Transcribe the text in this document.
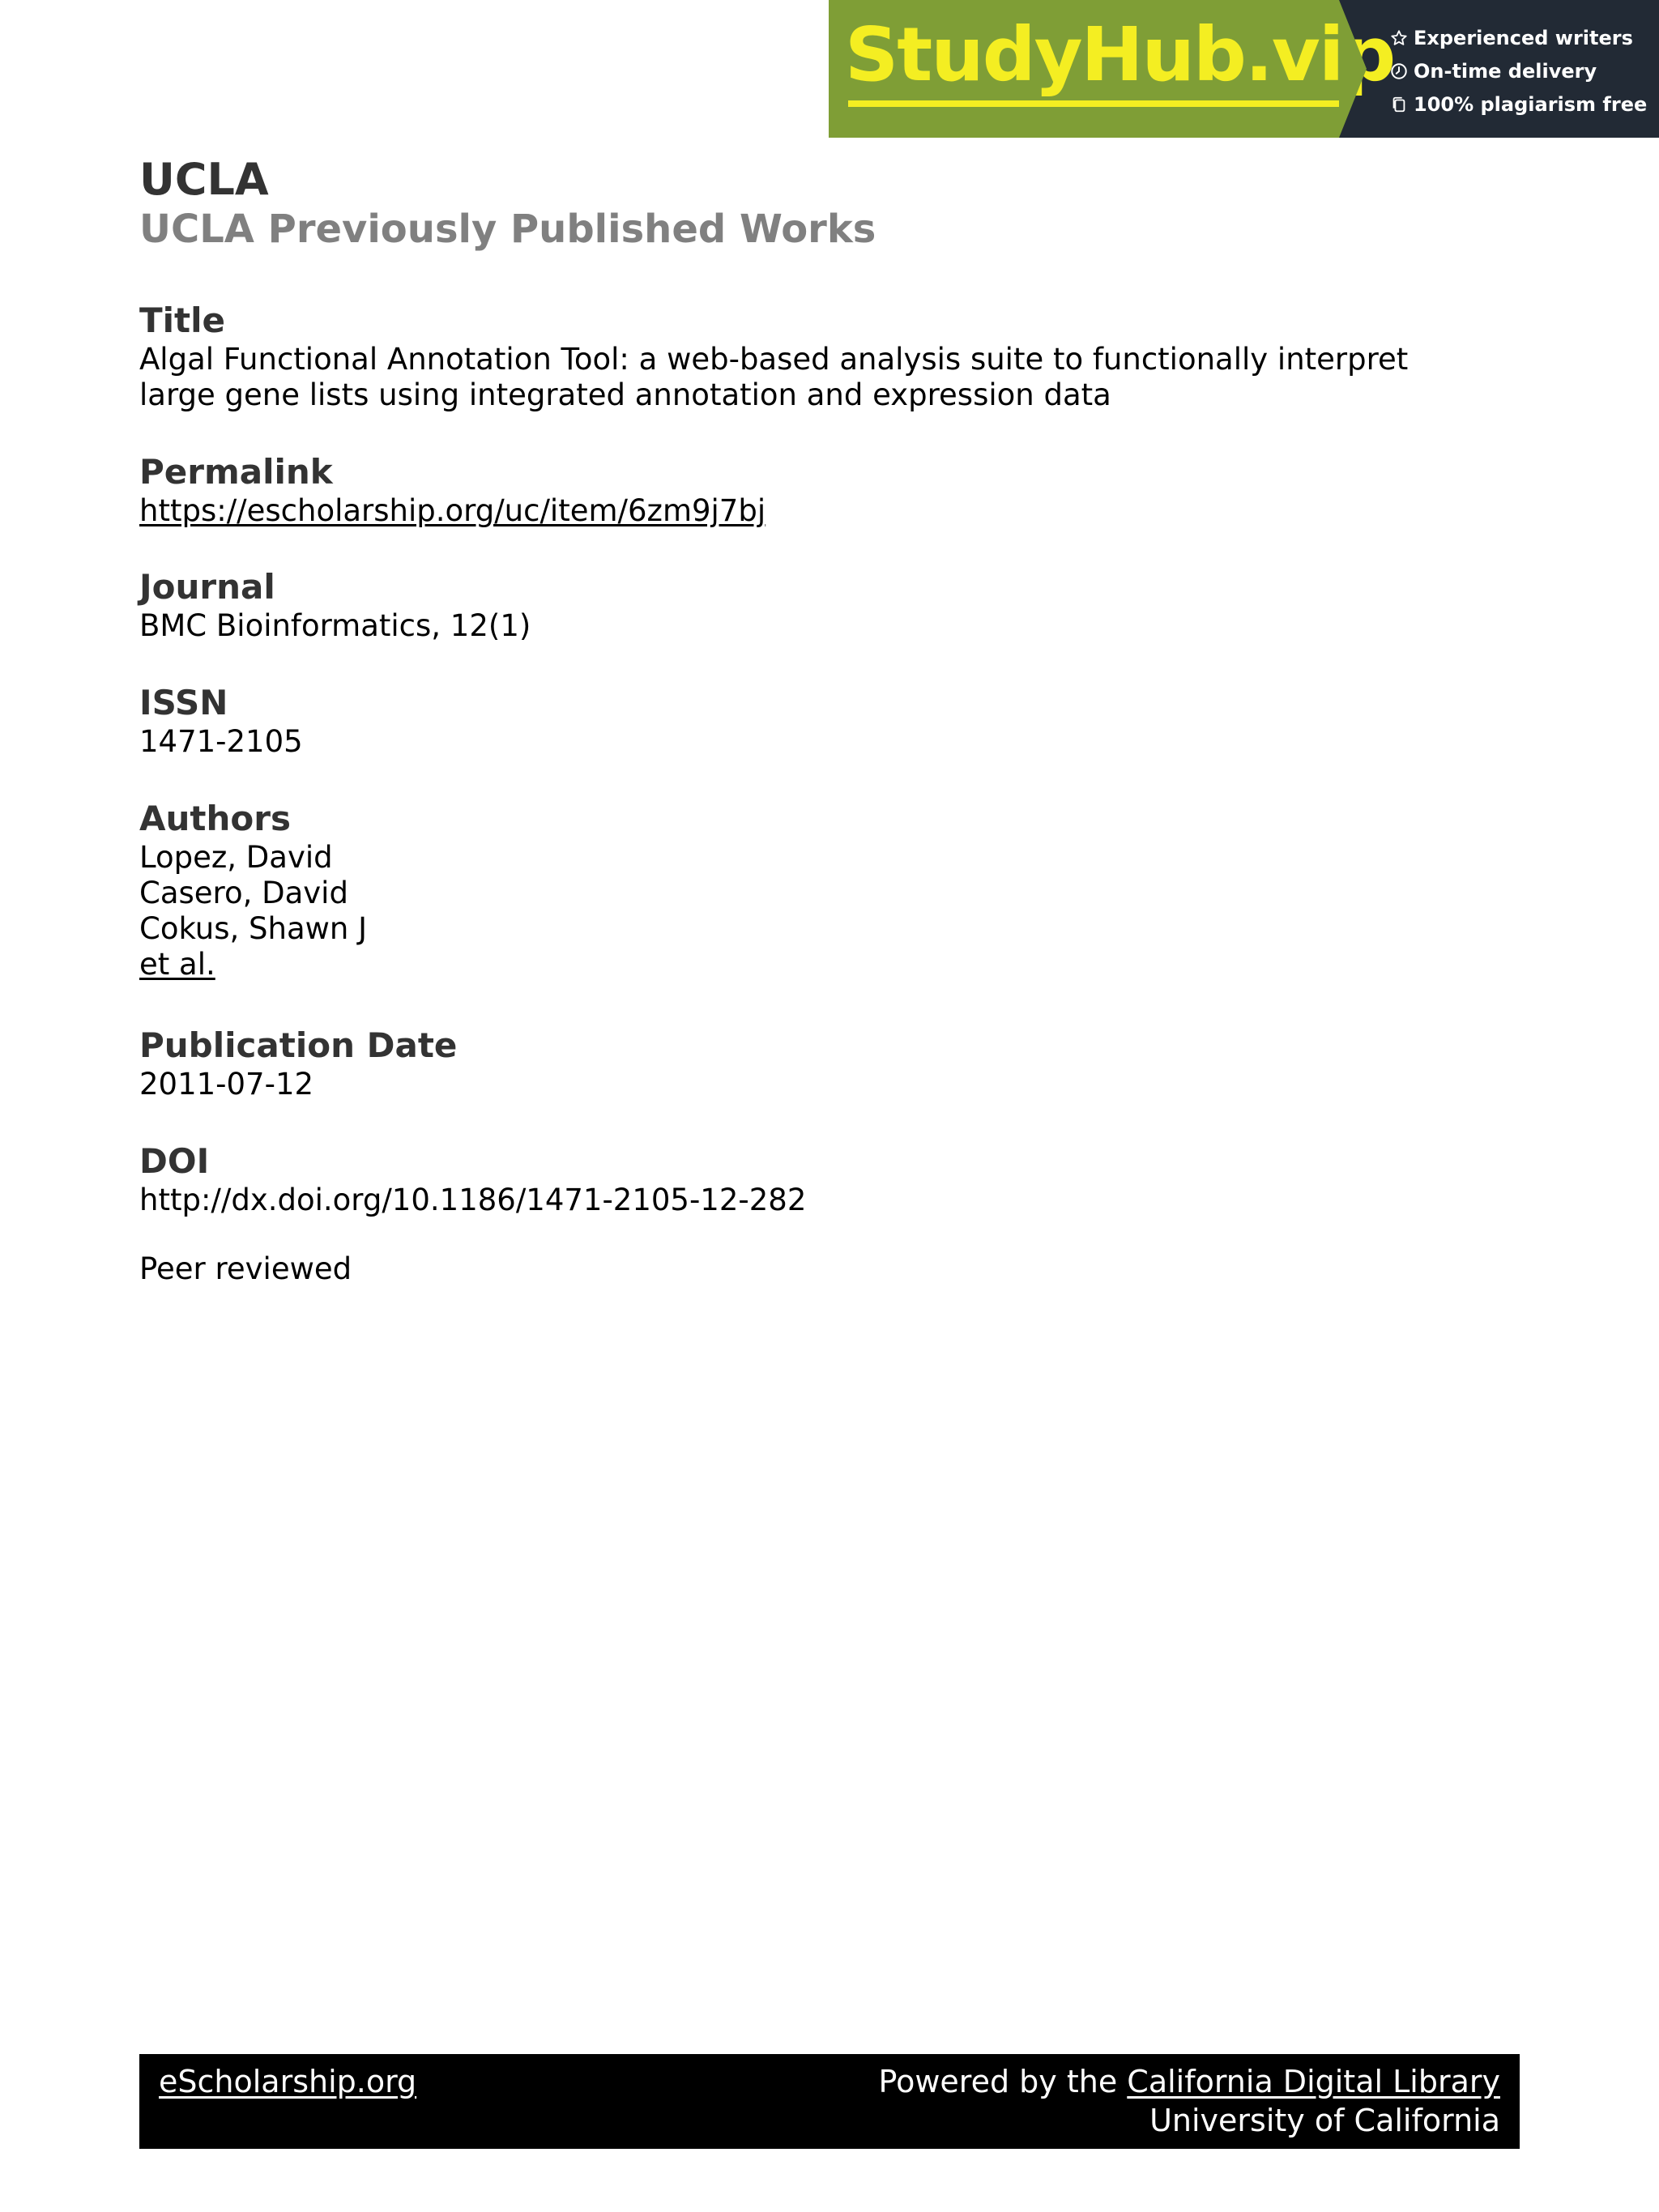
StudyHub.vip Experienced writers
On-time delivery
100% plagiarism free

UCLA

UCLA Previously Published Works

Title

Algal Functional Annotation Tool: a web-based analysis suite to functionally interpret

large gene lists using integrated annotation and expression data

Permalink

https://escholarship.org/uc/item/6zm9j7bj

Journal

BMC Bioinformatics, 12(1)

ISSN

1471-2105

Authors

Lopez, David

Casero, David

Cokus, Shawn J

et al.

Publication Date

2011-07-12

DOI

http://dx.doi.org/10.1186/1471-2105-12-282

Peer reviewed

eScholarship.org	Powered by the California Digital Library
University of California
